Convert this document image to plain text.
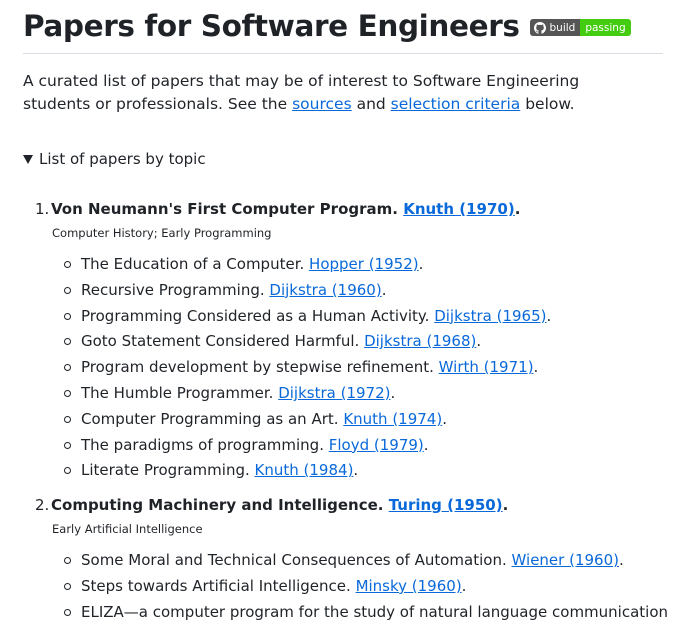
Papers for Software Engineers	build passing

A curated list of papers that may be of interest to Software Engineering students or professionals. See the sources and selection criteria below.

List of papers by topic
1. Von Neumann's First Computer Program. Knuth (1970).
Computer History; Early Programming
The Education of a Computer. Hopper (1952).
Recursive Programming. Dijkstra (1960).
Programming Considered as a Human Activity. Dijkstra (1965).
Goto Statement Considered Harmful. Dijkstra (1968).
Program development by stepwise refinement. Wirth (1971).
The Humble Programmer. Dijkstra (1972).
Computer Programming as an Art. Knuth (1974).
The paradigms of programming. Floyd (1979).
Literate Programming. Knuth (1984).
2. Computing Machinery and Intelligence. Turing (1950).
Early Artificial Intelligence
Some Moral and Technical Consequences of Automation. Wiener (1960).
Steps towards Artificial Intelligence. Minsky (1960).
ELIZA—a computer program for the study of natural language communication
